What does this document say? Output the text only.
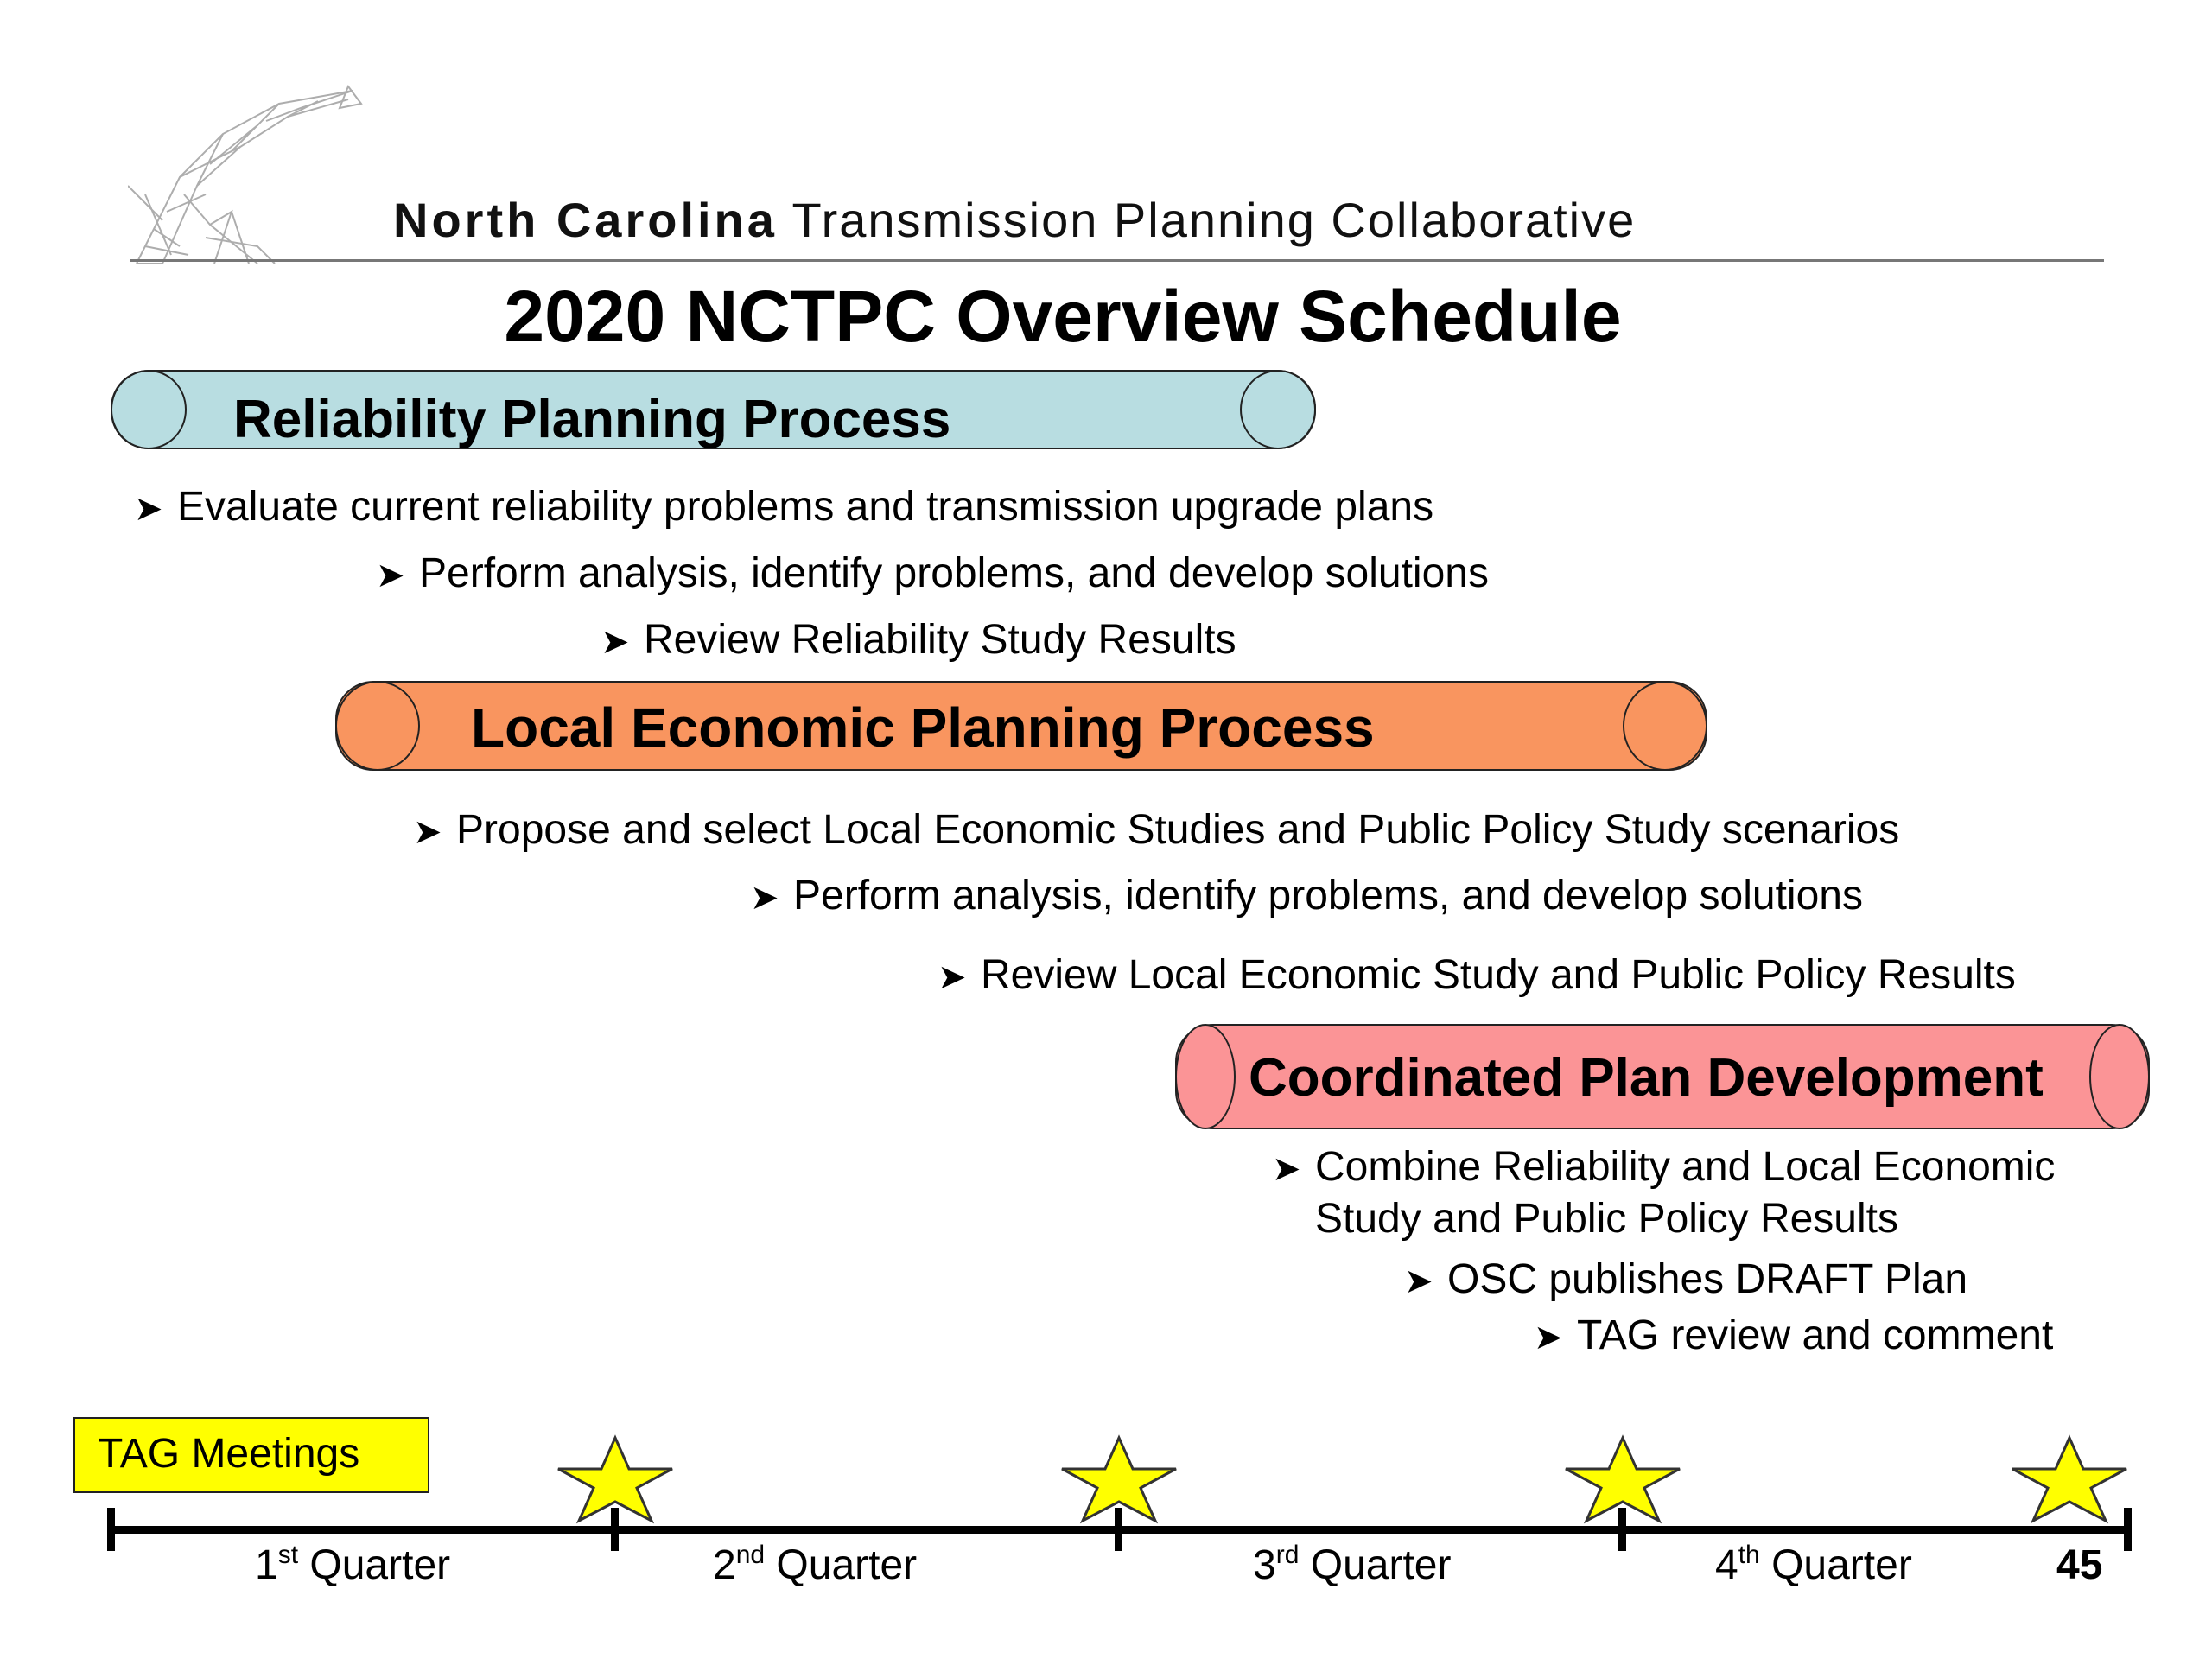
North Carolina Transmission Planning Collaborative
2020 NCTPC Overview Schedule
Reliability Planning Process
➤ Evaluate current reliability problems and transmission upgrade plans
➤ Perform analysis, identify problems, and develop solutions
➤ Review Reliability Study Results
Local Economic Planning Process
➤ Propose and select Local Economic Studies and Public Policy Study scenarios
➤ Perform analysis, identify problems, and develop solutions
➤ Review Local Economic Study and Public Policy Results
Coordinated Plan Development
➤ Combine Reliability and Local Economic
Study and Public Policy Results
➤ OSC publishes DRAFT Plan
➤ TAG review and comment
TAG Meetings
1st Quarter	2nd Quarter	3rd Quarter	4th Quarter	45
